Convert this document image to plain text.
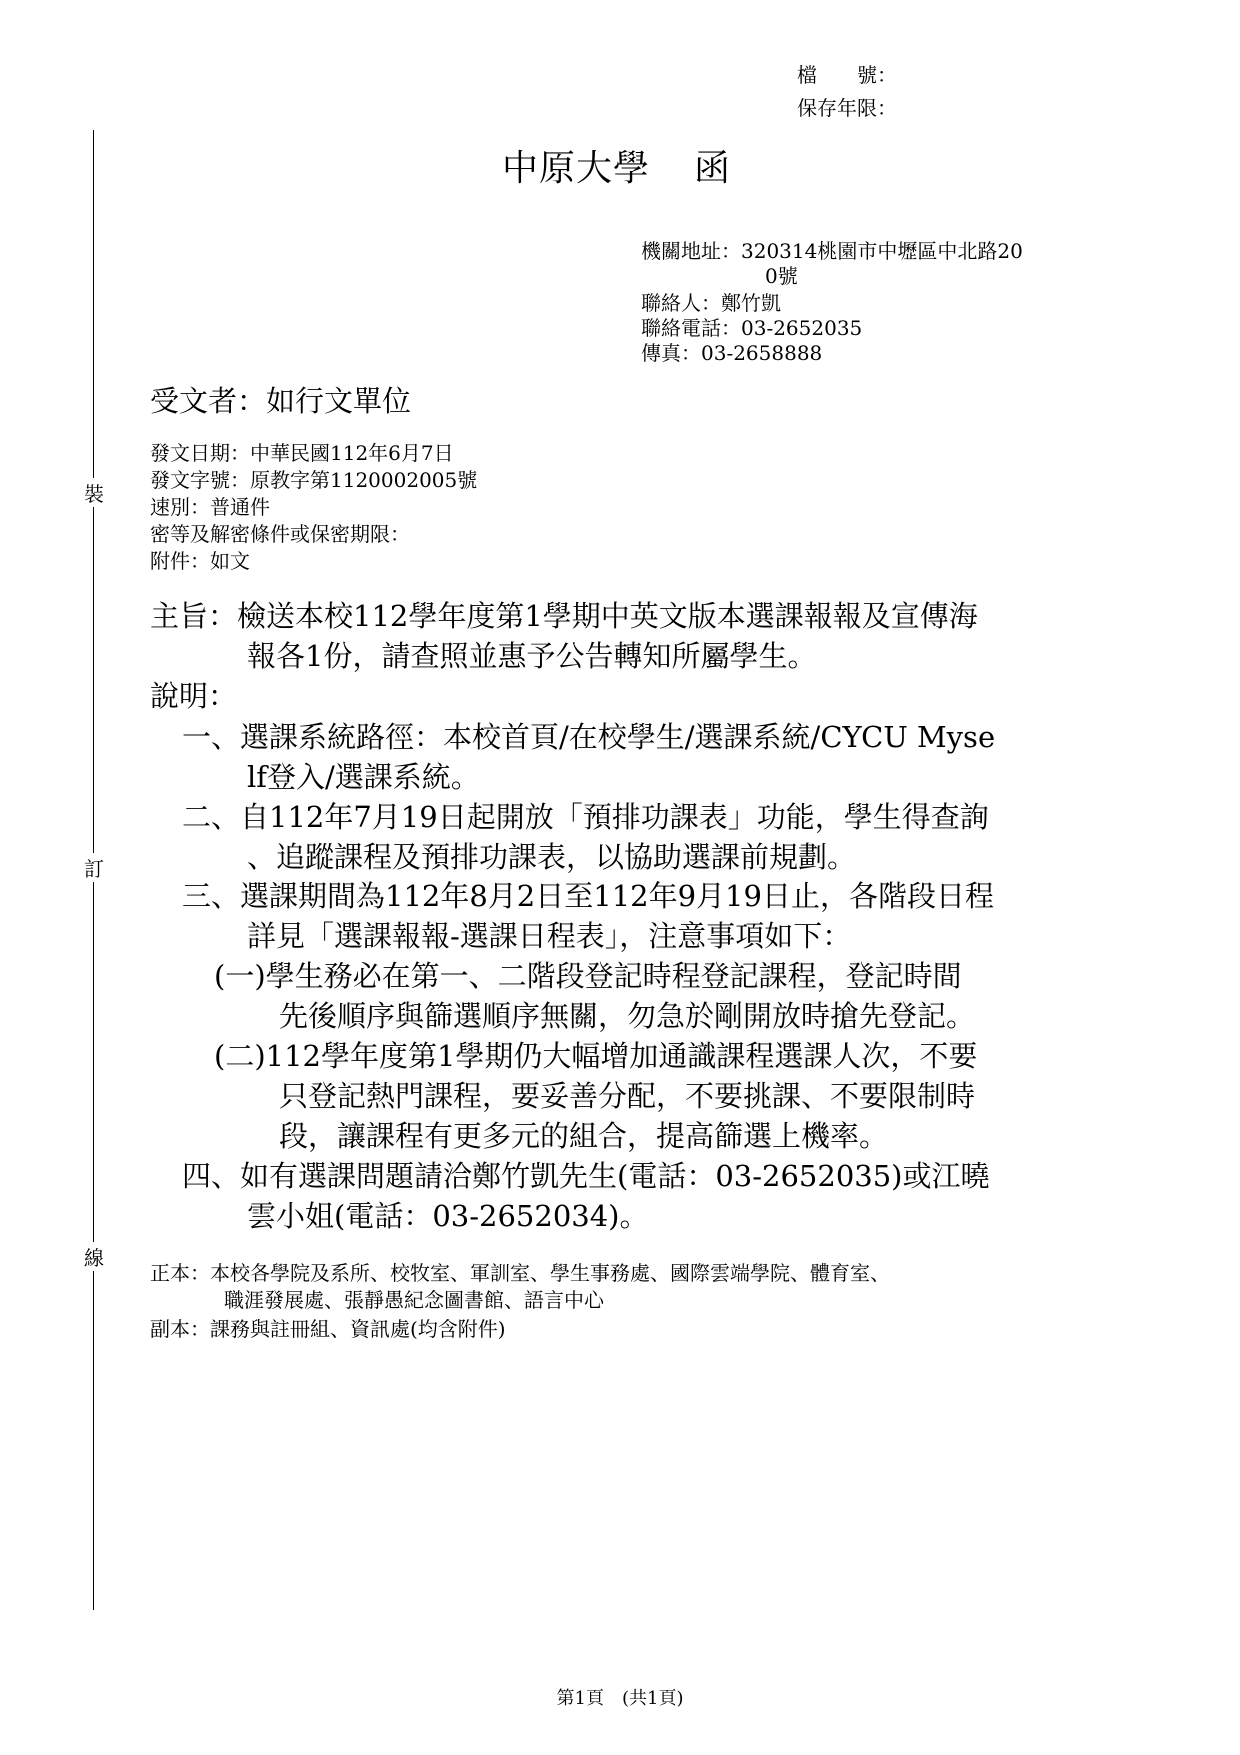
裝
訂
線
檔　　號：
保存年限：
中原大學 函
機關地址：320314桃園市中壢區中北路20
0號
聯絡人：鄭竹凱
聯絡電話：03-2652035
傳真：03-2658888
受文者：如行文單位
發文日期：中華民國112年6月7日
發文字號：原教字第1120002005號
速別：普通件
密等及解密條件或保密期限：
附件：如文
主旨：檢送本校112學年度第1學期中英文版本選課報報及宣傳海
報各1份，請查照並惠予公告轉知所屬學生。
說明：
一、選課系統路徑：本校首頁/在校學生/選課系統/CYCU Myse
lf登入/選課系統。
二、自112年7月19日起開放「預排功課表」功能，學生得查詢
、追蹤課程及預排功課表，以協助選課前規劃。
三、選課期間為112年8月2日至112年9月19日止，各階段日程
詳見「選課報報-選課日程表」，注意事項如下：
(一)學生務必在第一、二階段登記時程登記課程，登記時間
先後順序與篩選順序無關，勿急於剛開放時搶先登記。
(二)112學年度第1學期仍大幅增加通識課程選課人次，不要
只登記熱門課程，要妥善分配，不要挑課、不要限制時
段，讓課程有更多元的組合，提高篩選上機率。
四、如有選課問題請洽鄭竹凱先生(電話：03-2652035)或江曉
雲小姐(電話：03-2652034)。
正本：本校各學院及系所、校牧室、軍訓室、學生事務處、國際雲端學院、體育室、
職涯發展處、張靜愚紀念圖書館、語言中心
副本：課務與註冊組、資訊處(均含附件)
第1頁　(共1頁)
